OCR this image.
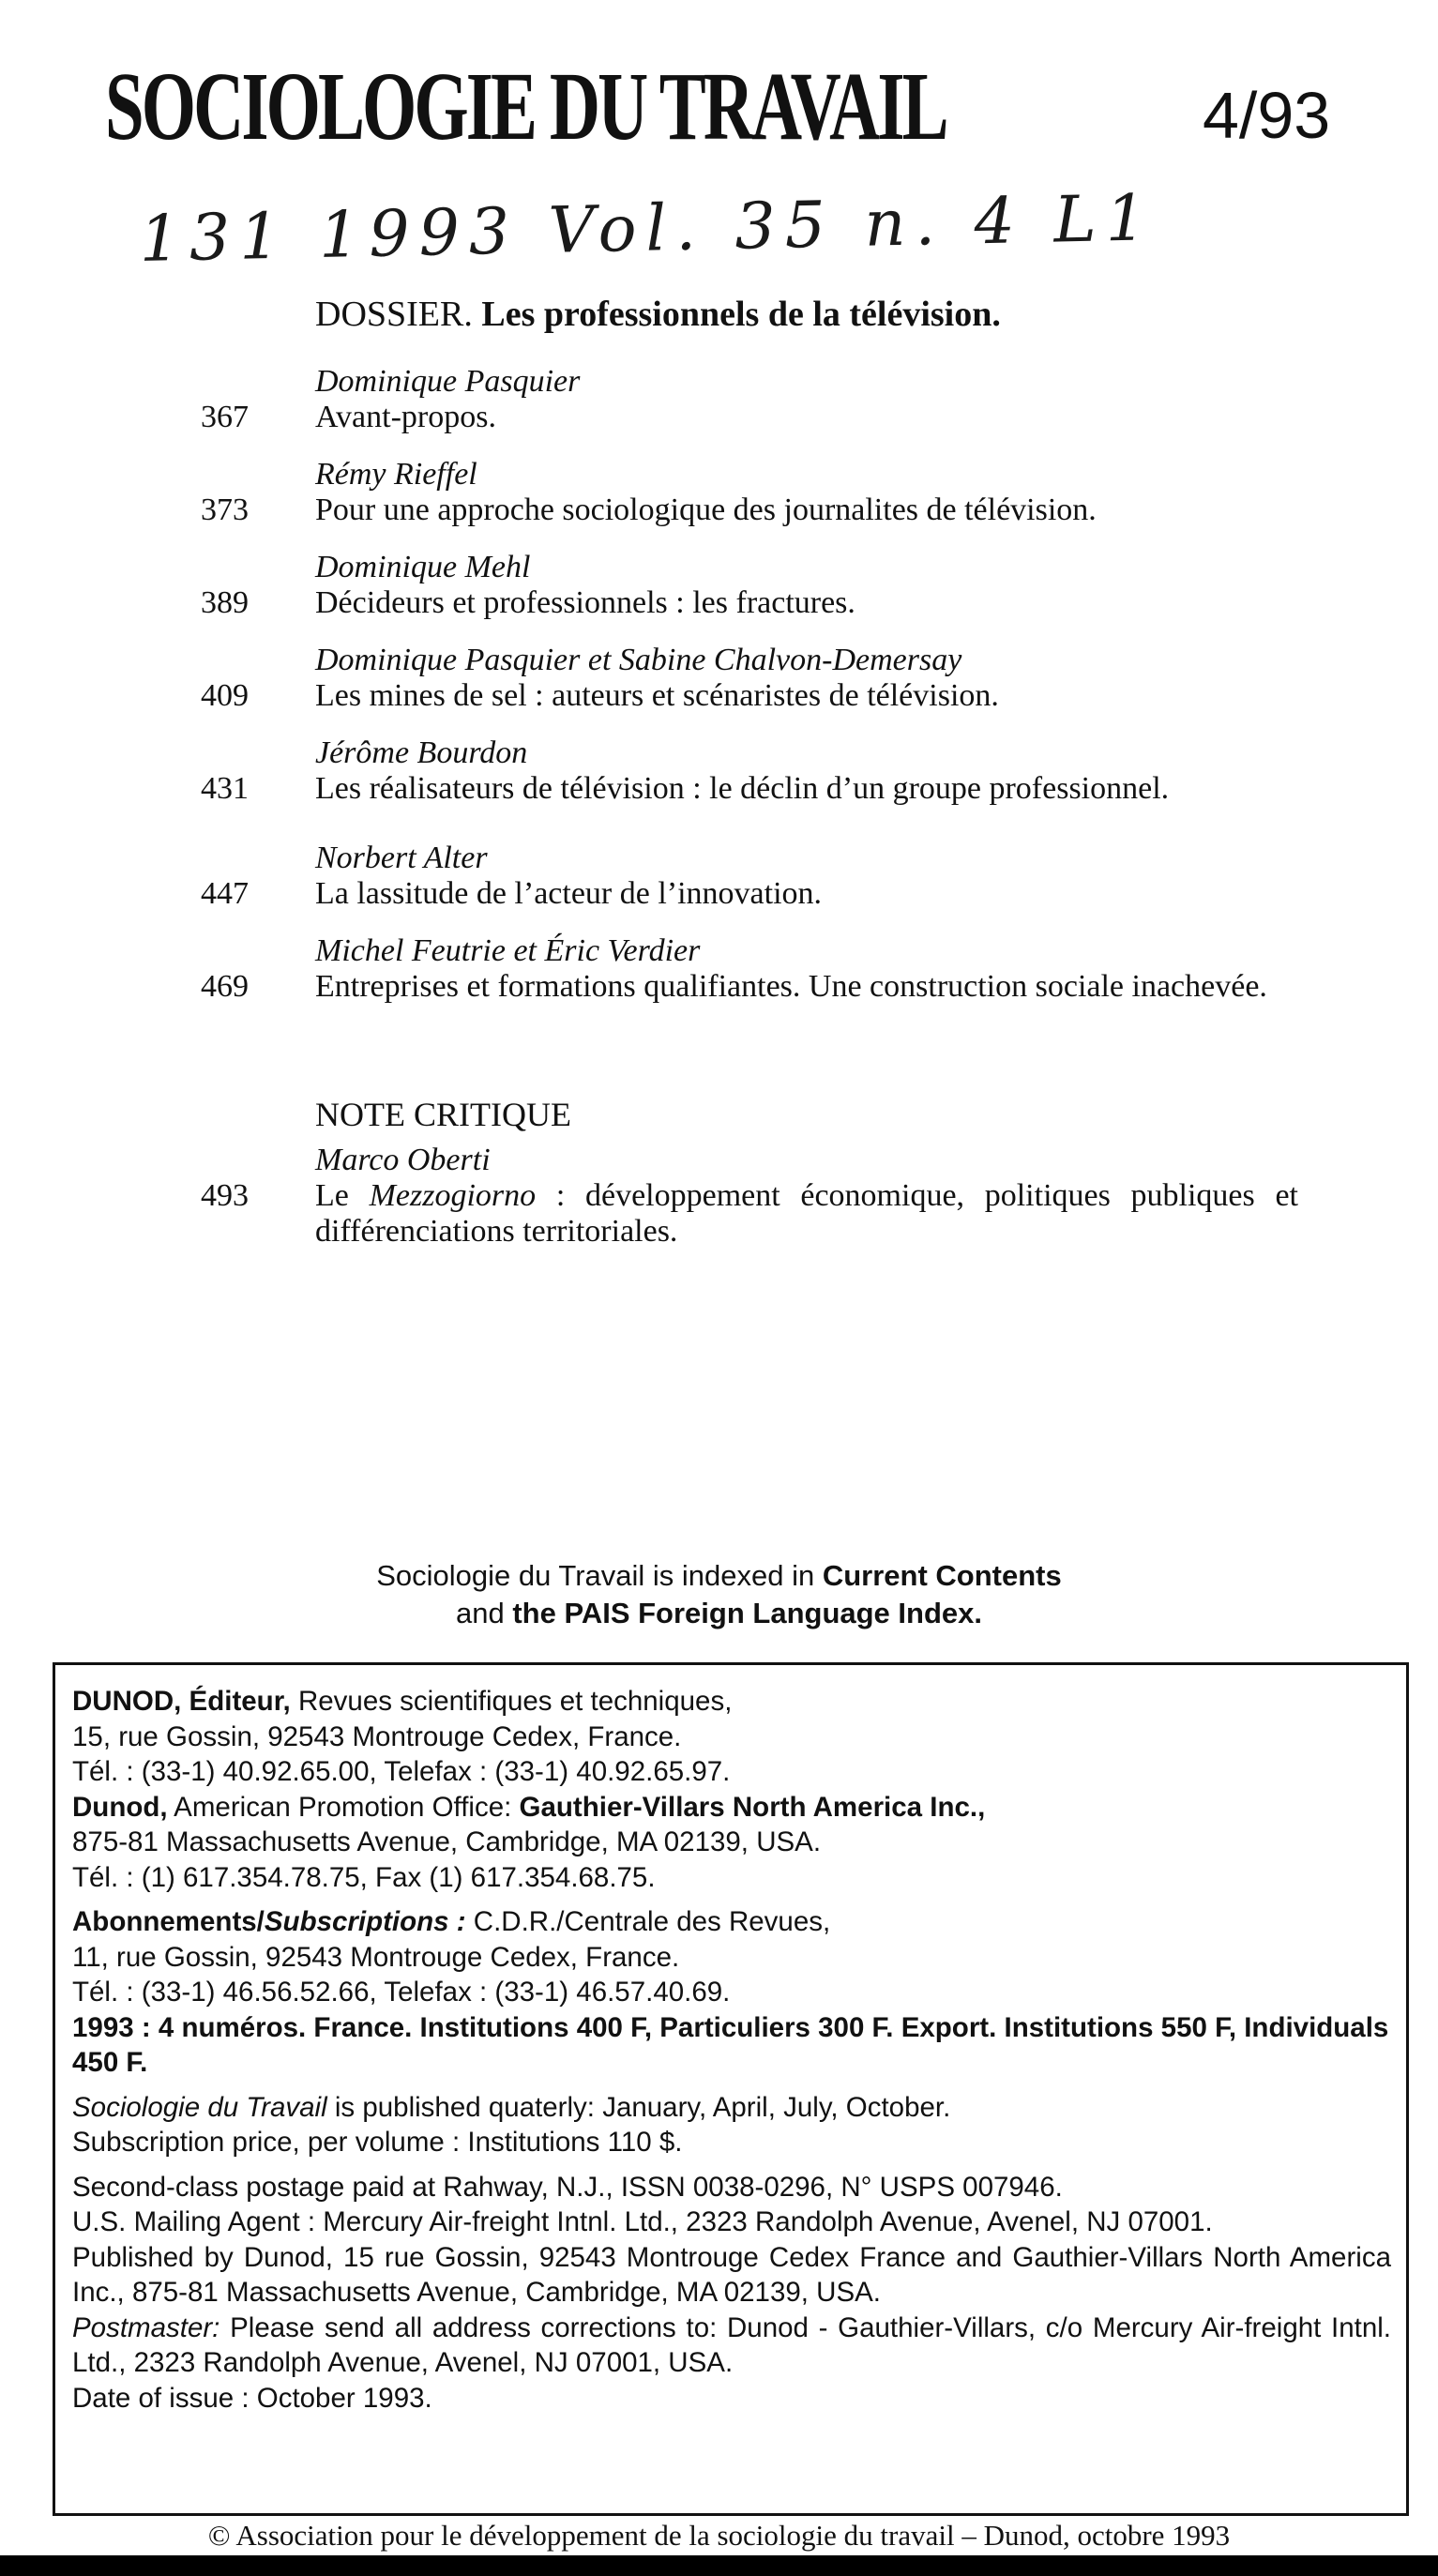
SOCIOLOGIE DU TRAVAIL	4/93
131 1993 Vol. 35 n. 4 L1
DOSSIER. Les professionnels de la télévision.
Dominique Pasquier
367 Avant-propos.
Rémy Rieffel
373 Pour une approche sociologique des journalites de télévision.
Dominique Mehl
389 Décideurs et professionnels : les fractures.
Dominique Pasquier et Sabine Chalvon-Demersay
409 Les mines de sel : auteurs et scénaristes de télévision.
Jérôme Bourdon
431 Les réalisateurs de télévision : le déclin d’un groupe professionnel.
Norbert Alter
447 La lassitude de l’acteur de l’innovation.
Michel Feutrie et Éric Verdier
469 Entreprises et formations qualifiantes. Une construction sociale inachevée.
NOTE CRITIQUE
Marco Oberti
493 Le Mezzogiorno : développement économique, politiques publiques et différenciations territoriales.
Sociologie du Travail is indexed in Current Contents
and the PAIS Foreign Language Index.

DUNOD, Éditeur, Revues scientifiques et techniques,

15, rue Gossin, 92543 Montrouge Cedex, France.

Tél. : (33-1) 40.92.65.00, Telefax : (33-1) 40.92.65.97.

Dunod, American Promotion Office: Gauthier-Villars North America Inc.,

875-81 Massachusetts Avenue, Cambridge, MA 02139, USA.

Tél. : (1) 617.354.78.75, Fax (1) 617.354.68.75.

Abonnements/Subscriptions : C.D.R./Centrale des Revues,

11, rue Gossin, 92543 Montrouge Cedex, France.

Tél. : (33-1) 46.56.52.66, Telefax : (33-1) 46.57.40.69.

1993 : 4 numéros. France. Institutions 400 F, Particuliers 300 F. Export. Institutions 550 F, Individuals 450 F.

Sociologie du Travail is published quaterly: January, April, July, October.

Subscription price, per volume : Institutions 110 $.

Second-class postage paid at Rahway, N.J., ISSN 0038-0296, N° USPS 007946.

U.S. Mailing Agent : Mercury Air-freight Intnl. Ltd., 2323 Randolph Avenue, Avenel, NJ 07001.

Published by Dunod, 15 rue Gossin, 92543 Montrouge Cedex France and Gauthier-Villars North America Inc., 875-81 Massachusetts Avenue, Cambridge, MA 02139, USA.

Postmaster: Please send all address corrections to: Dunod - Gauthier-Villars, c/o Mercury Air-freight Intnl. Ltd., 2323 Randolph Avenue, Avenel, NJ 07001, USA.

Date of issue : October 1993.

© Association pour le développement de la sociologie du travail – Dunod, octobre 1993
